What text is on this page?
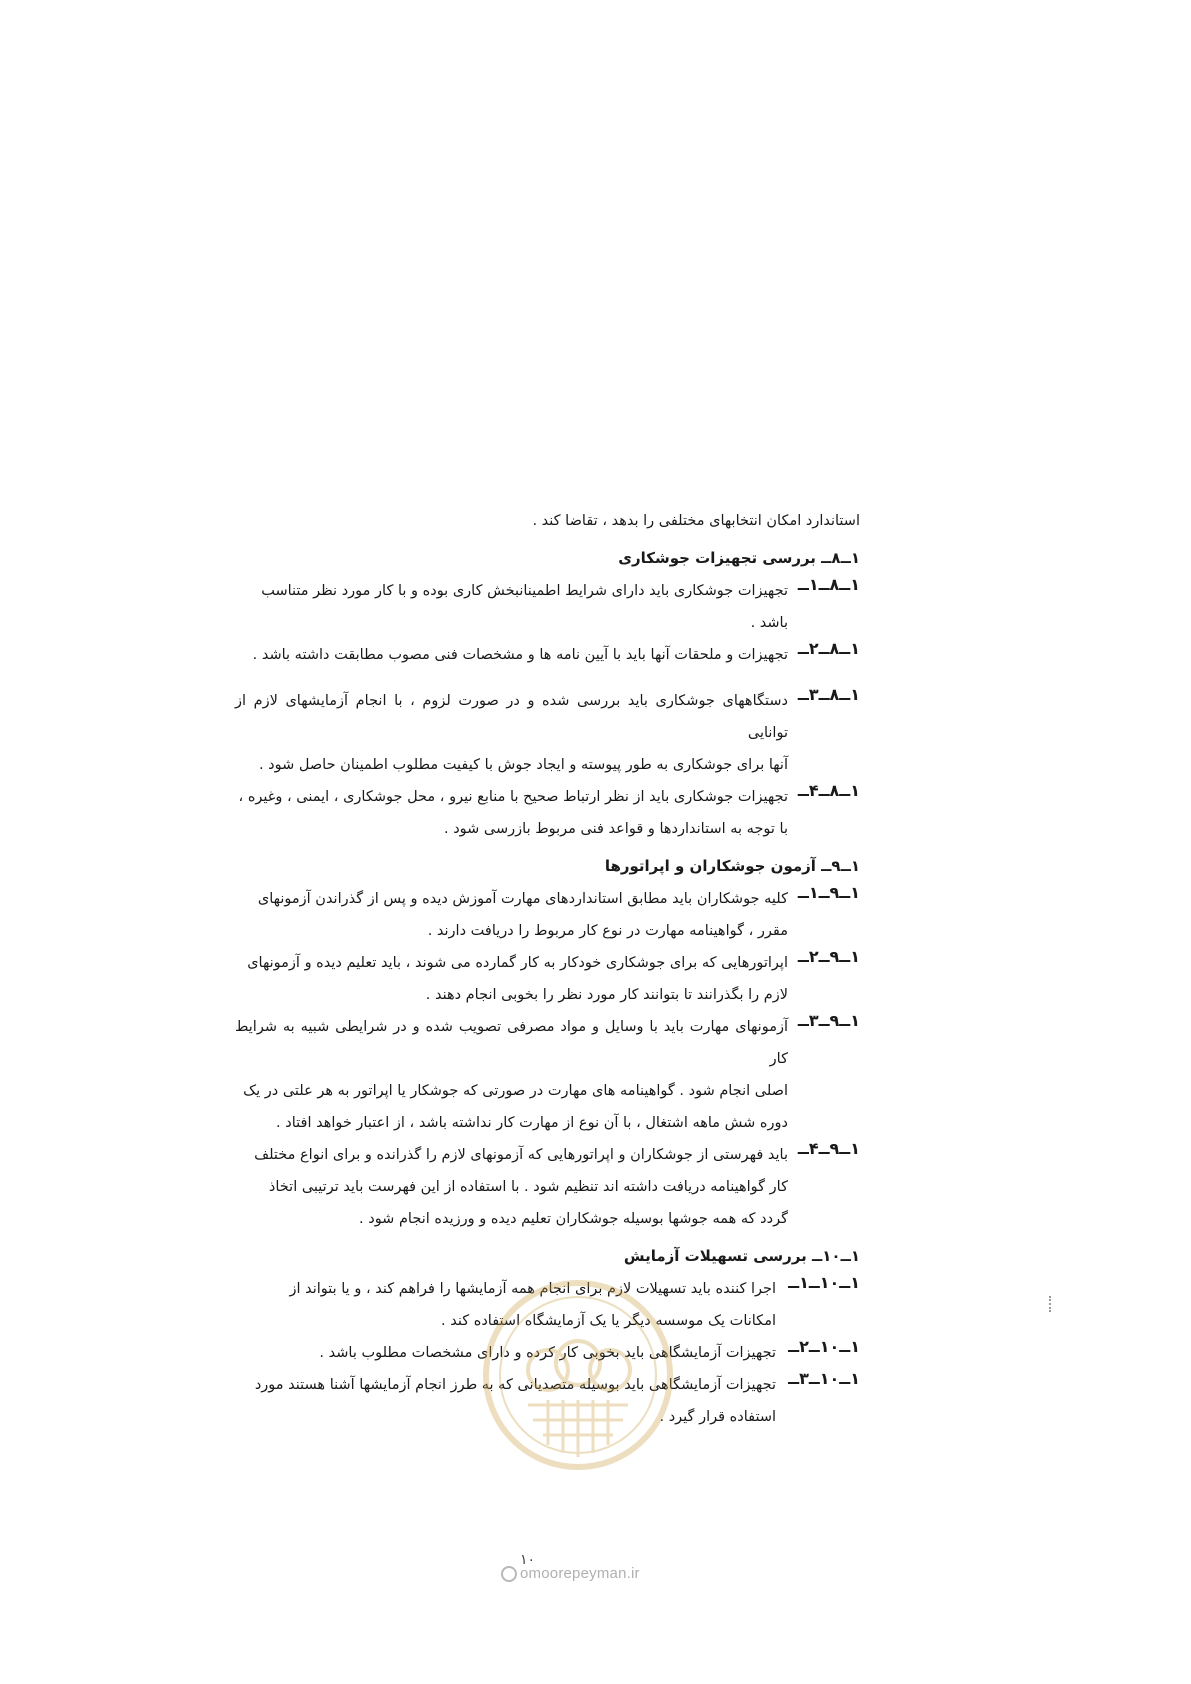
استاندارد امکان انتخابهای مختلفی را بدهد ، تقاضا کند .
۱ــ۸ــ بررسی تجهیزات جوشکاری
۱ــ۸ــ۱ــ
تجهیزات جوشکاری باید دارای شرایط اطمینانبخش کاری بوده و با کار مورد نظر متناسب
باشد .
۱ــ۸ــ۲ــ
تجهیزات و ملحقات آنها باید با آیین نامه ها و مشخصات فنی مصوب مطابقت داشته باشد .
۱ــ۸ــ۳ــ
دستگاههای جوشکاری باید بررسی شده و در صورت لزوم ، با انجام آزمایشهای لازم از توانایی
آنها برای جوشکاری به طور پیوسته و ایجاد جوش با کیفیت مطلوب اطمینان حاصل شود .
۱ــ۸ــ۴ــ
تجهیزات جوشکاری باید از نظر ارتباط صحیح با منابع نیرو ، محل جوشکاری ، ایمنی ، وغیره ،
با توجه به استانداردها و قواعد فنی مربوط بازرسی شود .
۱ــ۹ــ آزمون جوشکاران و اپراتورها
۱ــ۹ــ۱ــ
کلیه جوشکاران باید مطابق استانداردهای مهارت آموزش دیده و پس از گذراندن آزمونهای
مقرر ، گواهینامه مهارت در نوع کار مربوط را دریافت دارند .
۱ــ۹ــ۲ــ
اپراتورهایی که برای جوشکاری خودکار به کار گمارده می شوند ، باید تعلیم دیده و آزمونهای
لازم را بگذرانند تا بتوانند کار مورد نظر را بخوبی انجام دهند .
۱ــ۹ــ۳ــ
آزمونهای مهارت باید با وسایل و مواد مصرفی تصویب شده و در شرایطی شبیه به شرایط کار
اصلی انجام شود . گواهینامه های مهارت در صورتی که جوشکار یا اپراتور به هر علتی در یک
دوره شش ماهه اشتغال ، با آن نوع از مهارت کار نداشته باشد ، از اعتبار خواهد افتاد .
۱ــ۹ــ۴ــ
باید فهرستی از جوشکاران و اپراتورهایی که آزمونهای لازم را گذرانده و برای انواع مختلف
کار گواهینامه دریافت داشته اند تنظیم شود . با استفاده از این فهرست باید ترتیبی اتخاذ
گردد که همه جوشها بوسیله جوشکاران تعلیم دیده و ورزیده انجام شود .
۱ــ۱۰ــ بررسی تسهیلات آزمایش
۱ــ۱۰ــ۱ــ
اجرا کننده باید تسهیلات لازم برای انجام همه آزمایشها را فراهم کند ، و یا بتواند از
امکانات یک موسسه دیگر یا یک آزمایشگاه استفاده کند .
۱ــ۱۰ــ۲ــ
تجهیزات آزمایشگاهی باید بخوبی کار کرده و دارای مشخصات مطلوب باشد .
۱ــ۱۰ــ۳ــ
تجهیزات آزمایشگاهی باید بوسیله متصدیانی که به طرز انجام آزمایشها آشنا هستند مورد
استفاده قرار گیرد .
۱۰
omoorepeyman.ir
